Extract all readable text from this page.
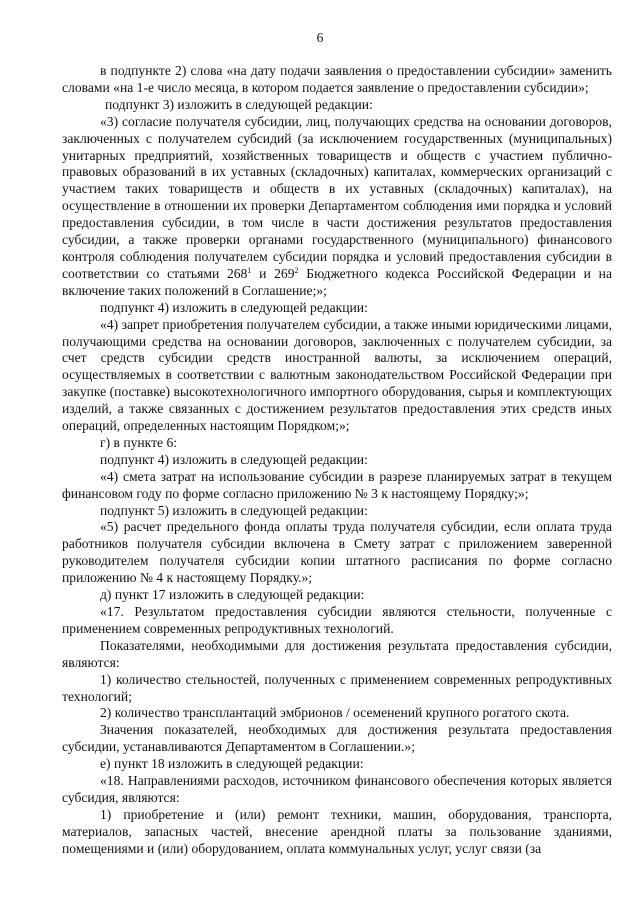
6

в подпункте 2) слова «на дату подачи заявления о предоставлении субсидии» заменить словами «на 1-е число месяца, в котором подается заявление о предоставлении субсидии»;

подпункт 3) изложить в следующей редакции:

«3) согласие получателя субсидии, лиц, получающих средства на основании договоров, заключенных с получателем субсидий (за исключением государственных (муниципальных) унитарных предприятий, хозяйственных товариществ и обществ с участием публично-правовых образований в их уставных (складочных) капиталах, коммерческих организаций с участием таких товариществ и обществ в их уставных (складочных) капиталах), на осуществление в отношении их проверки Департаментом соблюдения ими порядка и условий предоставления субсидии, в том числе в части достижения результатов предоставления субсидии, а также проверки органами государственного (муниципального) финансового контроля соблюдения получателем субсидии порядка и условий предоставления субсидии в соответствии со статьями $268^1$ и $269^2$ Бюджетного кодекса Российской Федерации и на включение таких положений в Соглашение;»;

подпункт 4) изложить в следующей редакции:

«4) запрет приобретения получателем субсидии, а также иными юридическими лицами, получающими средства на основании договоров, заключенных с получателем субсидии, за счет средств субсидии средств иностранной валюты, за исключением операций, осуществляемых в соответствии с валютным законодательством Российской Федерации при закупке (поставке) высокотехнологичного импортного оборудования, сырья и комплектующих изделий, а также связанных с достижением результатов предоставления этих средств иных операций, определенных настоящим Порядком;»;

г) в пункте 6:

подпункт 4) изложить в следующей редакции:

«4) смета затрат на использование субсидии в разрезе планируемых затрат в текущем финансовом году по форме согласно приложению № 3 к настоящему Порядку;»;

подпункт 5) изложить в следующей редакции:

«5) расчет предельного фонда оплаты труда получателя субсидии, если оплата труда работников получателя субсидии включена в Смету затрат с приложением заверенной руководителем получателя субсидии копии штатного расписания по форме согласно приложению № 4 к настоящему Порядку.»;

д) пункт 17 изложить в следующей редакции:

«17. Результатом предоставления субсидии являются стельности, полученные с применением современных репродуктивных технологий.

Показателями, необходимыми для достижения результата предоставления субсидии, являются:

1) количество стельностей, полученных с применением современных репродуктивных технологий;

2) количество трансплантаций эмбрионов / осеменений крупного рогатого скота.

Значения показателей, необходимых для достижения результата предоставления субсидии, устанавливаются Департаментом в Соглашении.»;

е) пункт 18 изложить в следующей редакции:

«18. Направлениями расходов, источником финансового обеспечения которых является субсидия, являются:

1) приобретение и (или) ремонт техники, машин, оборудования, транспорта, материалов, запасных частей, внесение арендной платы за пользование зданиями, помещениями и (или) оборудованием, оплата коммунальных услуг, услуг связи (за
